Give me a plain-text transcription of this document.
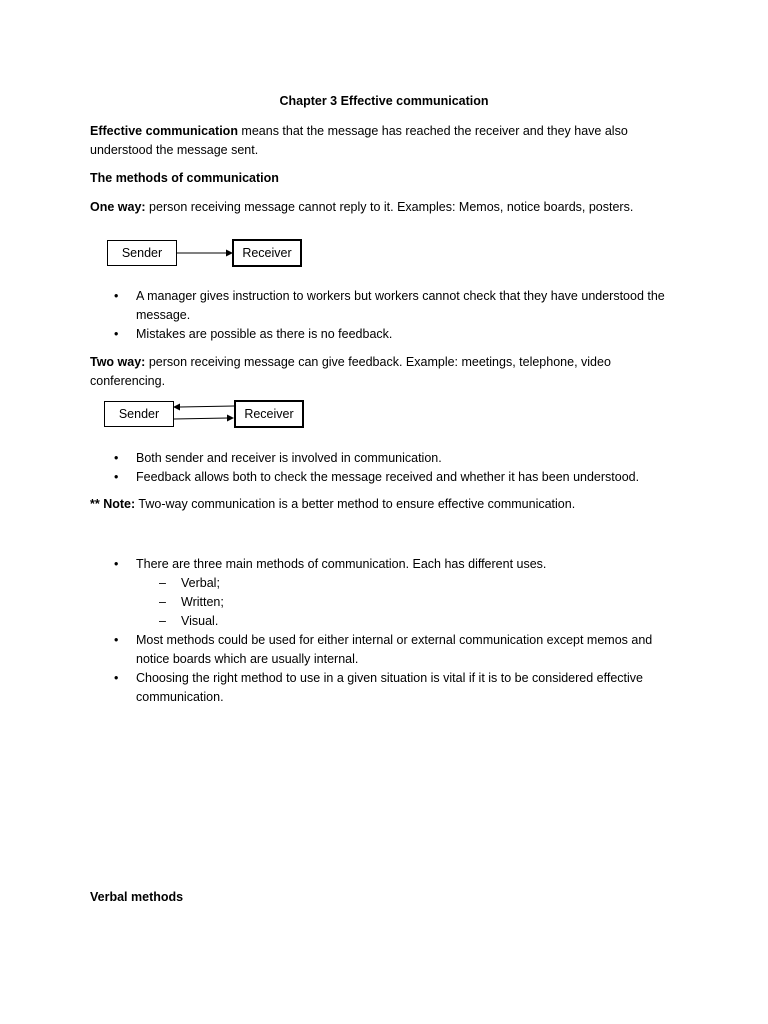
Chapter 3 Effective communication
Effective communication means that the message has reached the receiver and they have also
understood the message sent.
The methods of communication
One way: person receiving message cannot reply to it. Examples: Memos, notice boards, posters.
Sender	Receiver
• A manager gives instruction to workers but workers cannot check that they have understood the
message.
• Mistakes are possible as there is no feedback.
Two way: person receiving message can give feedback. Example: meetings, telephone, video
conferencing.
Sender	Receiver
• Both sender and receiver is involved in communication.
• Feedback allows both to check the message received and whether it has been understood.
** Note: Two-way communication is a better method to ensure effective communication.
• There are three main methods of communication. Each has different uses.
– Verbal;
– Written;
– Visual.
• Most methods could be used for either internal or external communication except memos and
notice boards which are usually internal.
• Choosing the right method to use in a given situation is vital if it is to be considered effective
communication.
Verbal methods
